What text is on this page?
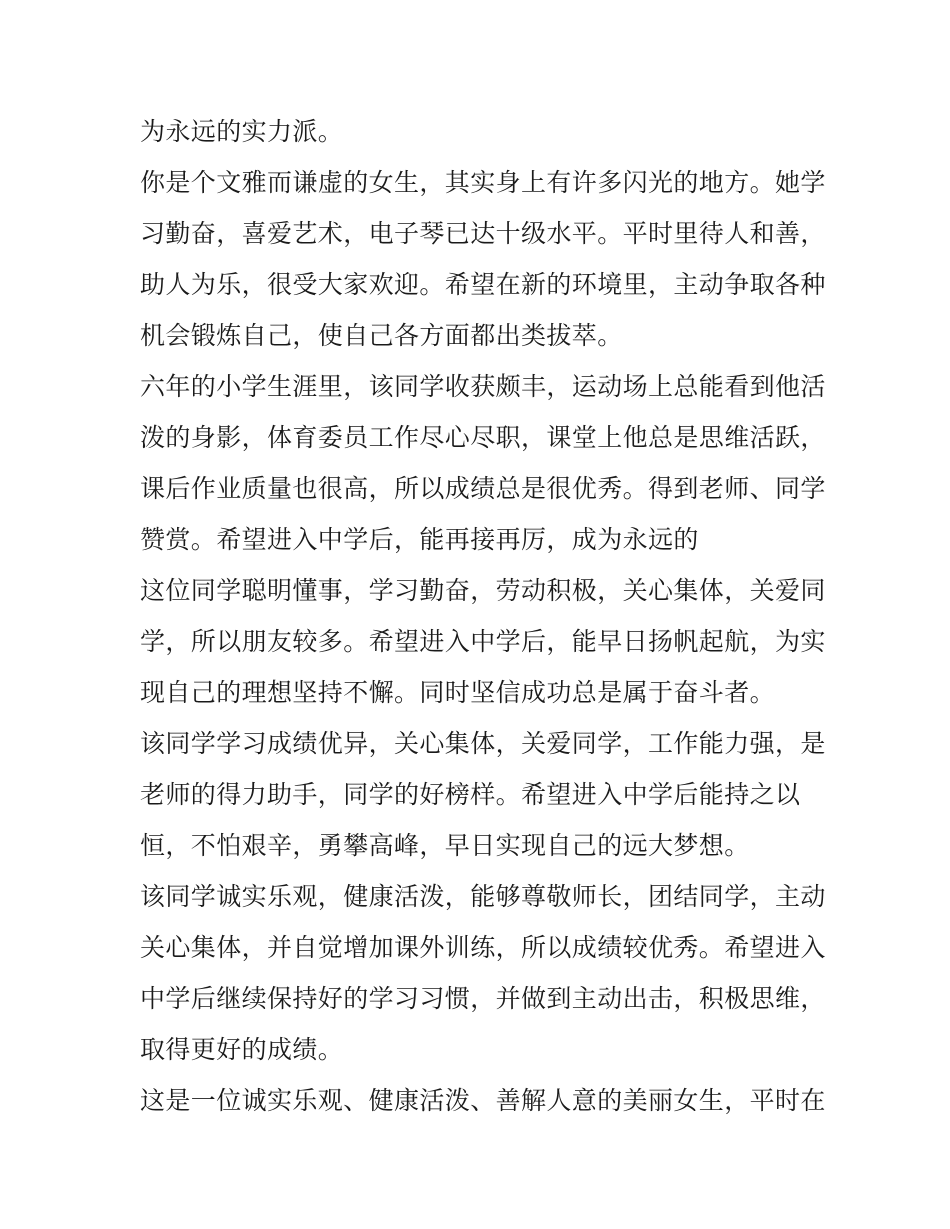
为永远的实力派。
你是个文雅而谦虚的女生，其实身上有许多闪光的地方。她学
习勤奋，喜爱艺术，电子琴已达十级水平。平时里待人和善，
助人为乐，很受大家欢迎。希望在新的环境里，主动争取各种
机会锻炼自己，使自己各方面都出类拔萃。
六年的小学生涯里，该同学收获颇丰，运动场上总能看到他活
泼的身影，体育委员工作尽心尽职，课堂上他总是思维活跃，
课后作业质量也很高，所以成绩总是很优秀。得到老师、同学
赞赏。希望进入中学后，能再接再厉，成为永远的
这位同学聪明懂事，学习勤奋，劳动积极，关心集体，关爱同
学，所以朋友较多。希望进入中学后，能早日扬帆起航，为实
现自己的理想坚持不懈。同时坚信成功总是属于奋斗者。
该同学学习成绩优异，关心集体，关爱同学，工作能力强，是
老师的得力助手，同学的好榜样。希望进入中学后能持之以
恒，不怕艰辛，勇攀高峰，早日实现自己的远大梦想。
该同学诚实乐观，健康活泼，能够尊敬师长，团结同学，主动
关心集体，并自觉增加课外训练，所以成绩较优秀。希望进入
中学后继续保持好的学习习惯，并做到主动出击，积极思维，
取得更好的成绩。
这是一位诚实乐观、健康活泼、善解人意的美丽女生，平时在
